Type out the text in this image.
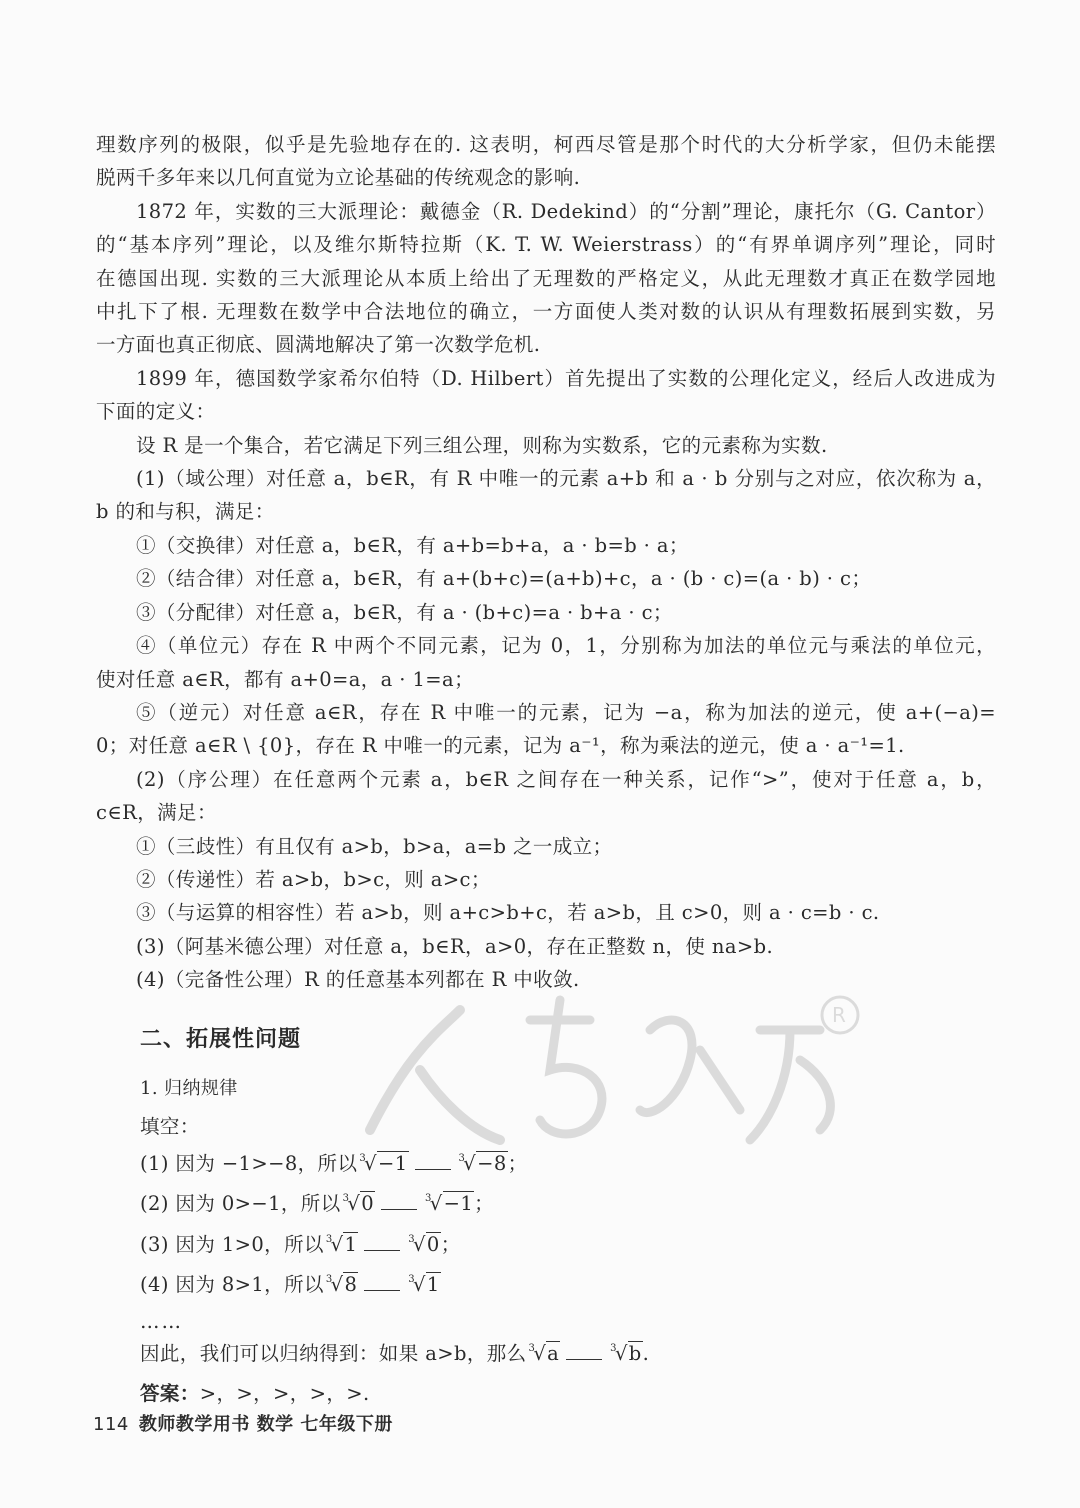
理数序列的极限，似乎是先验地存在的. 这表明，柯西尽管是那个时代的大分析学家，但仍未能摆
脱两千多年来以几何直觉为立论基础的传统观念的影响.
1872 年，实数的三大派理论：戴德金（R. Dedekind）的“分割”理论，康托尔（G. Cantor）
的“基本序列”理论，以及维尔斯特拉斯（K. T. W. Weierstrass）的“有界单调序列”理论，同时
在德国出现. 实数的三大派理论从本质上给出了无理数的严格定义，从此无理数才真正在数学园地
中扎下了根. 无理数在数学中合法地位的确立，一方面使人类对数的认识从有理数拓展到实数，另
一方面也真正彻底、圆满地解决了第一次数学危机.
1899 年，德国数学家希尔伯特（D. Hilbert）首先提出了实数的公理化定义，经后人改进成为
下面的定义：
设 R 是一个集合，若它满足下列三组公理，则称为实数系，它的元素称为实数.
(1)（域公理）对任意 a，b∈R，有 R 中唯一的元素 a+b 和 a · b 分别与之对应，依次称为 a，
b 的和与积，满足：
①（交换律）对任意 a，b∈R，有 a+b=b+a，a · b=b · a；
②（结合律）对任意 a，b∈R，有 a+(b+c)=(a+b)+c，a · (b · c)=(a · b) · c；
③（分配律）对任意 a，b∈R，有 a · (b+c)=a · b+a · c；
④（单位元）存在 R 中两个不同元素，记为 0，1，分别称为加法的单位元与乘法的单位元，
使对任意 a∈R，都有 a+0=a，a · 1=a；
⑤（逆元）对任意 a∈R，存在 R 中唯一的元素，记为 −a，称为加法的逆元，使 a+(−a)=
0；对任意 a∈R \ {0}，存在 R 中唯一的元素，记为 a⁻¹，称为乘法的逆元，使 a · a⁻¹=1.
(2)（序公理）在任意两个元素 a，b∈R 之间存在一种关系，记作“>”，使对于任意 a，b，
c∈R，满足：
①（三歧性）有且仅有 a>b，b>a，a=b 之一成立；
②（传递性）若 a>b，b>c，则 a>c；
③（与运算的相容性）若 a>b，则 a+c>b+c，若 a>b，且 c>0，则 a · c=b · c.
(3)（阿基米德公理）对任意 a，b∈R，a>0，存在正整数 n，使 na>b.
(4)（完备性公理）R 的任意基本列都在 R 中收敛.
二、拓展性问题
1. 归纳规律
填空：
(1) 因为 −1>−8，所以 $^3$√−1	$^3$√−8；
(2) 因为 0>−1，所以 $^3$√0	$^3$√−1；
(3) 因为 1>0，所以 $^3$√1	$^3$√0；
(4) 因为 8>1，所以 $^3$√8	$^3$√1
……
因此，我们可以归纳得到：如果 a>b，那么 $^3$√a	$^3$√b.
答案：>，>，>，>，>.
R
114 教师教学用书 数学 七年级下册
